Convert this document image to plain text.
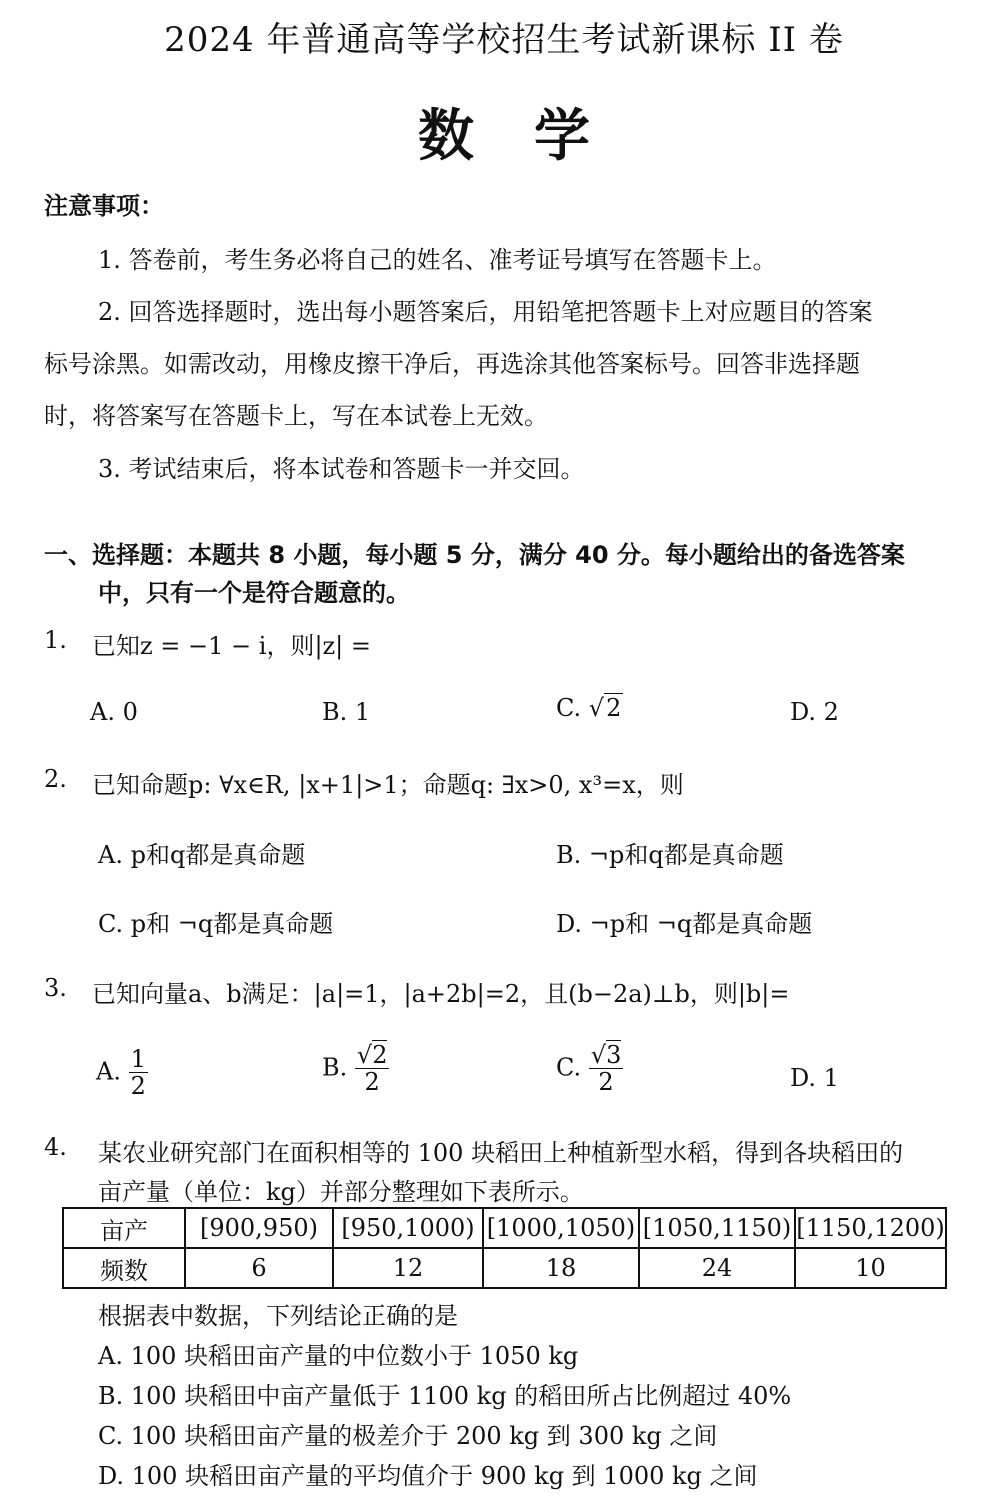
2024 年普通高等学校招生考试新课标 II 卷
数学
注意事项：
1. 答卷前，考生务必将自己的姓名、准考证号填写在答题卡上。
2. 回答选择题时，选出每小题答案后，用铅笔把答题卡上对应题目的答案
标号涂黑。如需改动，用橡皮擦干净后，再选涂其他答案标号。回答非选择题
时，将答案写在答题卡上，写在本试卷上无效。
3. 考试结束后，将本试卷和答题卡一并交回。
一、选择题：本题共 8 小题，每小题 5 分，满分 40 分。每小题给出的备选答案
中，只有一个是符合题意的。
1. 已知z = −1 − i，则|z| =
A. 0	B. 1	C. √2	D. 2
2. 已知命题p: ∀x∈R, |x+1|>1；命题q: ∃x>0, x³=x，则
A. p和q都是真命题	B. ¬p和q都是真命题
C. p和 ¬q都是真命题	D. ¬p和 ¬q都是真命题
3. 已知向量a、b满足：|a|=1，|a+2b|=2，且(b−2a)⊥b，则|b|=
A. $\frac{1}{2}$	B. $\frac{√2}{2}$	C. $\frac{√3}{2}$	D. 1
4. 某农业研究部门在面积相等的 100 块稻田上种植新型水稻，得到各块稻田的
亩产量（单位：kg）并部分整理如下表所示。
亩产	[900,950)	[950,1000)	[1000,1050)	[1050,1150)	[1150,1200)
频数	6	12	18	24	10
根据表中数据，下列结论正确的是
A. 100 块稻田亩产量的中位数小于 1050 kg
B. 100 块稻田中亩产量低于 1100 kg 的稻田所占比例超过 40%
C. 100 块稻田亩产量的极差介于 200 kg 到 300 kg 之间
D. 100 块稻田亩产量的平均值介于 900 kg 到 1000 kg 之间
